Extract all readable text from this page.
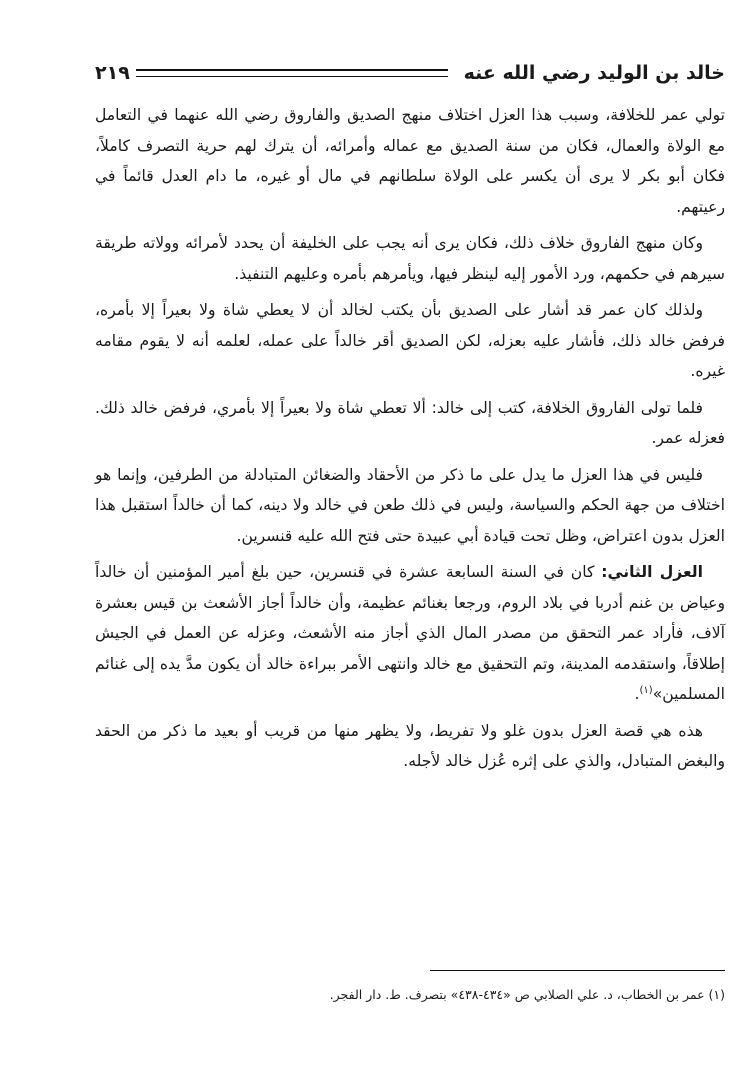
خالد بن الوليد رضي الله عنه
٢١٩

تولي عمر للخلافة، وسبب هذا العزل اختلاف منهج الصديق والفاروق رضي الله عنهما في التعامل مع الولاة والعمال، فكان من سنة الصديق مع عماله وأمرائه، أن يترك لهم حرية التصرف كاملاً، فكان أبو بكر لا يرى أن يكسر على الولاة سلطانهم في مال أو غيره، ما دام العدل قائماً في رعيتهم.

وكان منهج الفاروق خلاف ذلك، فكان يرى أنه يجب على الخليفة أن يحدد لأمرائه وولاته طريقة سيرهم في حكمهم، ورد الأمور إليه لينظر فيها، ويأمرهم بأمره وعليهم التنفيذ.

ولذلك كان عمر قد أشار على الصديق بأن يكتب لخالد أن لا يعطي شاة ولا بعيراً إلا بأمره، فرفض خالد ذلك، فأشار عليه بعزله، لكن الصديق أقر خالداً على عمله، لعلمه أنه لا يقوم مقامه غيره.

فلما تولى الفاروق الخلافة، كتب إلى خالد: ألا تعطي شاة ولا بعيراً إلا بأمري، فرفض خالد ذلك. فعزله عمر.

فليس في هذا العزل ما يدل على ما ذكر من الأحقاد والضغائن المتبادلة من الطرفين، وإنما هو اختلاف من جهة الحكم والسياسة، وليس في ذلك طعن في خالد ولا دينه، كما أن خالداً استقبل هذا العزل بدون اعتراض، وظل تحت قيادة أبي عبيدة حتى فتح الله عليه قنسرين.

العزل الثاني: كان في السنة السابعة عشرة في قنسرين، حين بلغ أمير المؤمنين أن خالداً وعياض بن غنم أدربا في بلاد الروم، ورجعا بغنائم عظيمة، وأن خالداً أجاز الأشعث بن قيس بعشرة آلاف، فأراد عمر التحقق من مصدر المال الذي أجاز منه الأشعث، وعزله عن العمل في الجيش إطلاقاً، واستقدمه المدينة، وتم التحقيق مع خالد وانتهى الأمر ببراءة خالد أن يكون مدَّ يده إلى غنائم المسلمين»$^{(١)}$.

هذه هي قصة العزل بدون غلو ولا تفريط، ولا يظهر منها من قريب أو بعيد ما ذكر من الحقد والبغض المتبادل، والذي على إثره عُزل خالد لأجله.

(١) عمر بن الخطاب، د. علي الصلابي ص «٤٣٤-٤٣٨» بتصرف. ط. دار الفجر.
